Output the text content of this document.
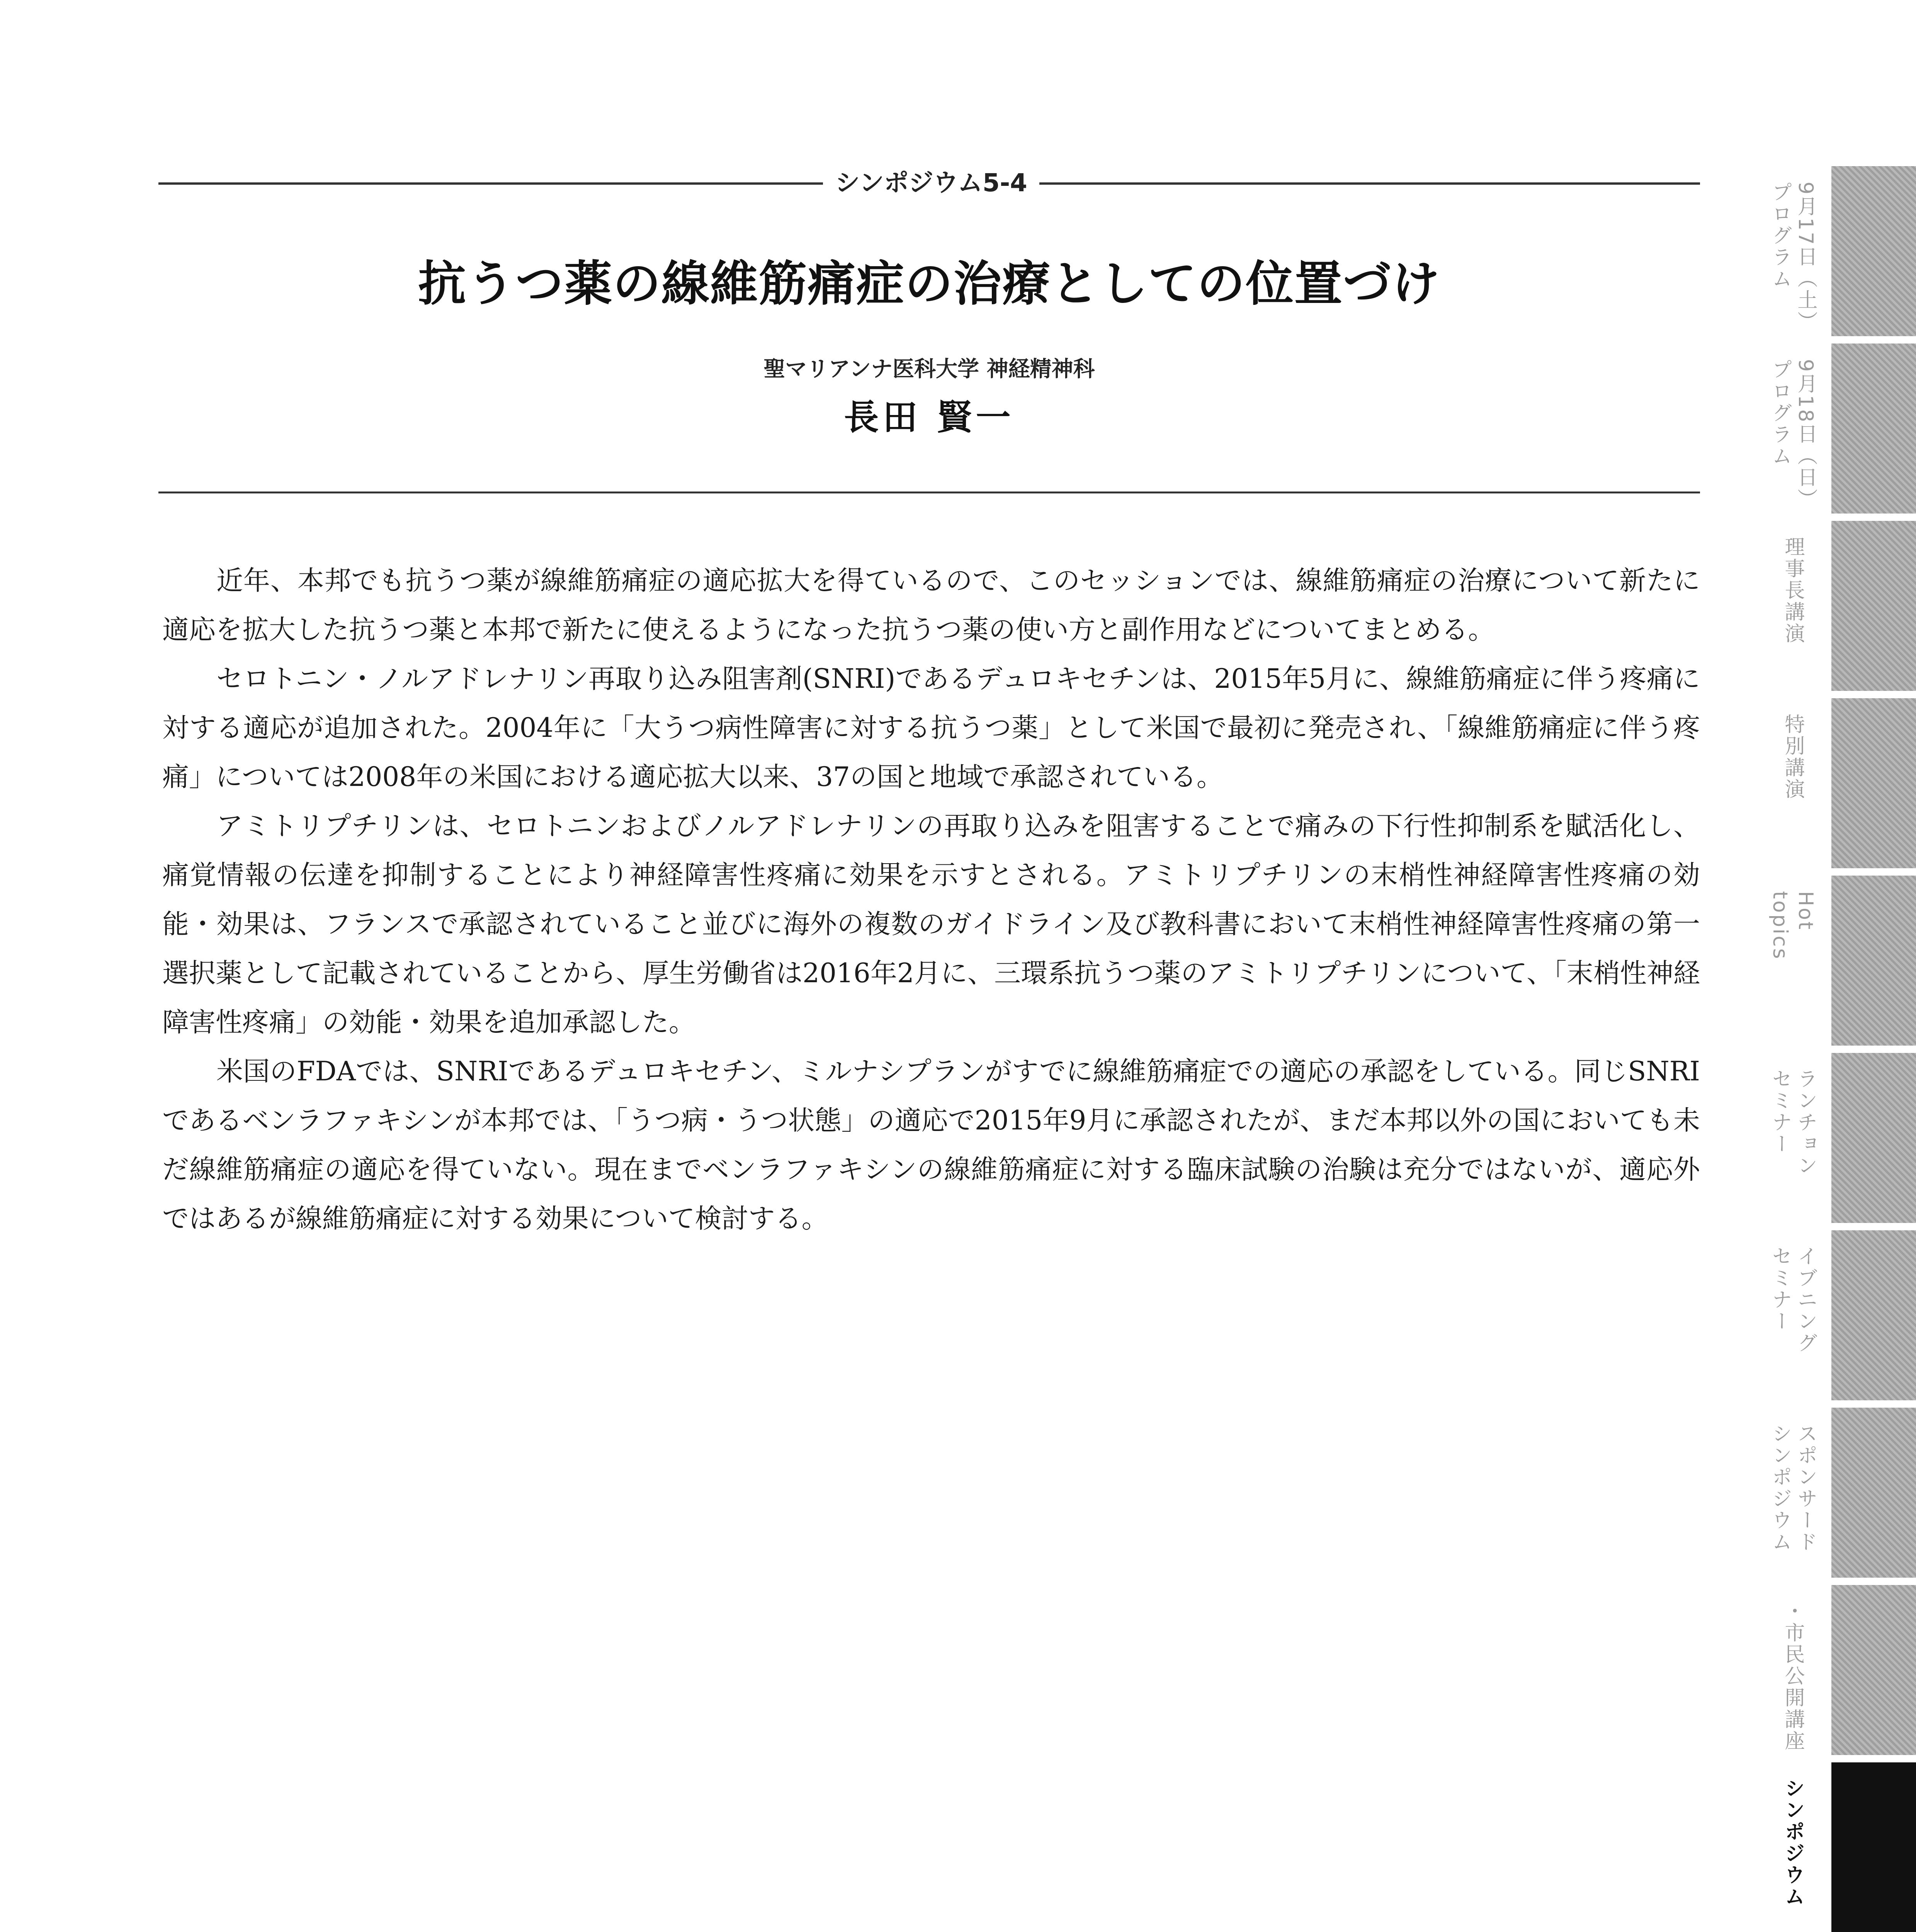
シンポジウム5-4
抗うつ薬の線維筋痛症の治療としての位置づけ
聖マリアンナ医科大学 神経精神科
長田 賢一

近年、本邦でも抗うつ薬が線維筋痛症の適応拡大を得ているので、このセッションでは、線維筋痛症の治療について新たに適応を拡大した抗うつ薬と本邦で新たに使えるようになった抗うつ薬の使い方と副作用などについてまとめる。

セロトニン・ノルアドレナリン再取り込み阻害剤(SNRI)であるデュロキセチンは、2015年5月に、線維筋痛症に伴う疼痛に対する適応が追加された。2004年に「大うつ病性障害に対する抗うつ薬」として米国で最初に発売され、「線維筋痛症に伴う疼痛」については2008年の米国における適応拡大以来、37の国と地域で承認されている。

アミトリプチリンは、セロトニンおよびノルアドレナリンの再取り込みを阻害することで痛みの下行性抑制系を賦活化し、痛覚情報の伝達を抑制することにより神経障害性疼痛に効果を示すとされる。アミトリプチリンの末梢性神経障害性疼痛の効能・効果は、フランスで承認されていること並びに海外の複数のガイドライン及び教科書において末梢性神経障害性疼痛の第一選択薬として記載されていることから、厚生労働省は2016年2月に、三環系抗うつ薬のアミトリプチリンについて、「末梢性神経障害性疼痛」の効能・効果を追加承認した。

米国のFDAでは、SNRIであるデュロキセチン、ミルナシプランがすでに線維筋痛症での適応の承認をしている。同じSNRIであるベンラファキシンが本邦では、「うつ病・うつ状態」の適応で2015年9月に承認されたが、まだ本邦以外の国においても未だ線維筋痛症の適応を得ていない。現在までベンラファキシンの線維筋痛症に対する臨床試験の治験は充分ではないが、適応外ではあるが線維筋痛症に対する効果について検討する。

9月17日（土）
プログラム
9月18日（日）
プログラム
理事長講演
特別講演
Hot
topics
ランチョン
セミナー
イブニング
セミナー
スポンサード
シンポジウム
・市民公開講座
シンポジウム
